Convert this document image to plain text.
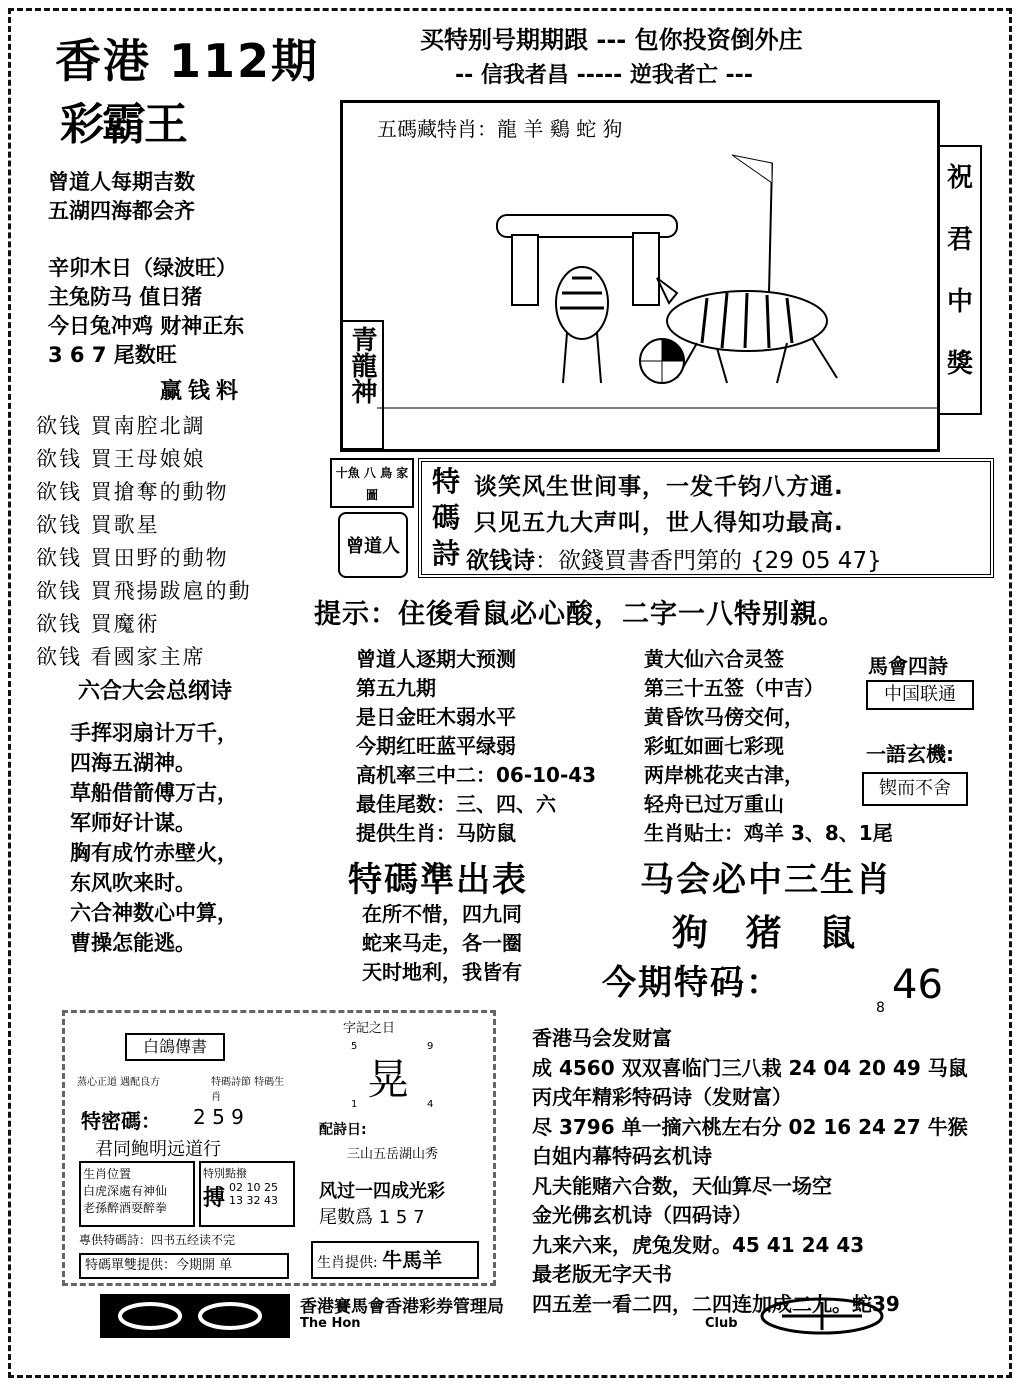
香港 112期
彩霸王
买特别号期期跟 --- 包你投资倒外庄
-- 信我者昌 ----- 逆我者亡 ---
曾道人每期吉数
五湖四海都会齐
辛卯木日（绿波旺）
主兔防马 值日猪
今日兔冲鸡 财神正东
3 6 7 尾数旺
赢钱料
欲钱 買南腔北調
欲钱 買王母娘娘
欲钱 買搶奪的動物
欲钱 買歌星
欲钱 買田野的動物
欲钱 買飛揚跋扈的動
欲钱 買魔術
欲钱 看國家主席
六合大会总纲诗
手挥羽扇计万千，
四海五湖神。
草船借箭傅万古，
军师好计谋。
胸有成竹赤壁火，
东风吹来时。
六合神数心中算，
曹操怎能逃。
五碼藏特肖：龍 羊 鷄 蛇 狗
青龍神
祝
君
中
獎
十魚 八 鳥 家 圖
曾道人
特
碼
詩
谈笑风生世间事，一发千钧八方通.
只见五九大声叫，世人得知功最高.
欲钱诗：欲錢買書香門第的 {29 05 47}
提示：住後看鼠必心酸，二字一八特别親。
曾道人逐期大预测
第五九期
是日金旺木弱水平
今期红旺蓝平绿弱
高机率三中二：06-10-43
最佳尾数：三、四、六
提供生肖：马防鼠
黄大仙六合灵签
第三十五签（中吉）
黄昏饮马傍交何，
彩虹如画七彩现
两岸桃花夹古津，
轻舟已过万重山
生肖贴士：鸡羊 3、8、1尾
馬會四詩
中国联通
一語玄機:
锲而不舍
特碼準出表
在所不惜，四九同
蛇来马走，各一圈
天时地利，我皆有
马会必中三生肖
狗   猪   鼠
今期特码：
8 46
白鴿傳書
蒸心正道 遇配良方	特碼詩節 特碼生肖
特密碼： 2 5 9
君同鲍明远道行
生肖位置
白虎深處有神仙
老孫醉酒耍醉拳
特別點撥
搏 02 10 25
13 32 43
專供特碼詩：四书五经读不完
特碼單雙提供：今期開 单
字記之日
5	9
晃
1	4
配詩日:
三山五岳湖山秀
风过一四成光彩
尾數爲 1 5 7
生肖提供: 牛馬羊
香港马会发财富
成 4560 双双喜临门三八栽 24 04 20 49 马鼠
丙戌年精彩特码诗（发财富）
尽 3796 单一摘六桃左右分 02 16 24 27 牛猴
白姐内幕特码玄机诗
凡夫能赌六合数，天仙算尽一场空
金光佛玄机诗（四码诗）
九来六来，虎兔发财。45 41 24 43
最老版无字天书
四五差一看二四，二四连加成二九。蛇39
香港賽馬會香港彩券管理局
The Hon	Club
